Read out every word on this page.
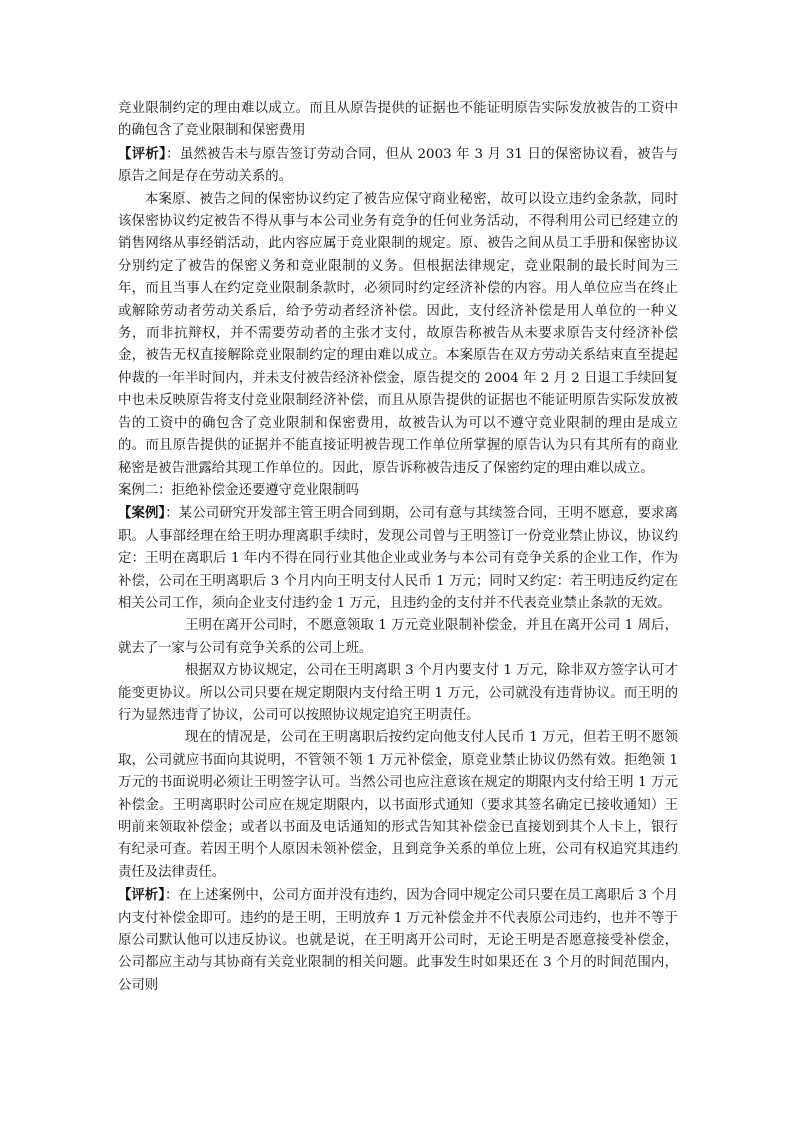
竞业限制约定的理由难以成立。而且从原告提供的证据也不能证明原告实际发放被告的工资中的确包含了竞业限制和保密费用

【评析】：虽然被告未与原告签订劳动合同，但从 2003 年 3 月 31 日的保密协议看，被告与原告之间是存在劳动关系的。

本案原、被告之间的保密协议约定了被告应保守商业秘密，故可以设立违约金条款，同时该保密协议约定被告不得从事与本公司业务有竞争的任何业务活动，不得利用公司已经建立的销售网络从事经销活动，此内容应属于竞业限制的规定。原、被告之间从员工手册和保密协议分别约定了被告的保密义务和竞业限制的义务。但根据法律规定，竞业限制的最长时间为三年，而且当事人在约定竞业限制条款时，必须同时约定经济补偿的内容。用人单位应当在终止或解除劳动者劳动关系后，给予劳动者经济补偿。因此，支付经济补偿是用人单位的一种义务，而非抗辩权，并不需要劳动者的主张才支付，故原告称被告从未要求原告支付经济补偿金，被告无权直接解除竞业限制约定的理由难以成立。本案原告在双方劳动关系结束直至提起仲裁的一年半时间内，并未支付被告经济补偿金，原告提交的 2004 年 2 月 2 日退工手续回复中也未反映原告将支付竞业限制经济补偿，而且从原告提供的证据也不能证明原告实际发放被告的工资中的确包含了竞业限制和保密费用，故被告认为可以不遵守竞业限制的理由是成立的。而且原告提供的证据并不能直接证明被告现工作单位所掌握的原告认为只有其所有的商业秘密是被告泄露给其现工作单位的。因此，原告诉称被告违反了保密约定的理由难以成立。

案例二：拒绝补偿金还要遵守竞业限制吗

【案例】：某公司研究开发部主管王明合同到期，公司有意与其续签合同，王明不愿意，要求离职。人事部经理在给王明办理离职手续时，发现公司曾与王明签订一份竞业禁止协议，协议约定：王明在离职后 1 年内不得在同行业其他企业或业务与本公司有竞争关系的企业工作，作为补偿，公司在王明离职后 3 个月内向王明支付人民币 1 万元；同时又约定：若王明违反约定在相关公司工作，须向企业支付违约金 1 万元，且违约金的支付并不代表竞业禁止条款的无效。

王明在离开公司时，不愿意领取 1 万元竞业限制补偿金，并且在离开公司 1 周后，就去了一家与公司有竞争关系的公司上班。

根据双方协议规定，公司在王明离职 3 个月内要支付 1 万元，除非双方签字认可才能变更协议。所以公司只要在规定期限内支付给王明 1 万元，公司就没有违背协议。而王明的行为显然违背了协议，公司可以按照协议规定追究王明责任。

现在的情况是，公司在王明离职后按约定向他支付人民币 1 万元，但若王明不愿领取，公司就应书面向其说明，不管领不领 1 万元补偿金，原竞业禁止协议仍然有效。拒绝领 1 万元的书面说明必须让王明签字认可。当然公司也应注意该在规定的期限内支付给王明 1 万元补偿金。王明离职时公司应在规定期限内，以书面形式通知（要求其签名确定已接收通知）王明前来领取补偿金；或者以书面及电话通知的形式告知其补偿金已直接划到其个人卡上，银行有纪录可查。若因王明个人原因未领补偿金，且到竞争关系的单位上班，公司有权追究其违约责任及法律责任。

【评析】：在上述案例中，公司方面并没有违约，因为合同中规定公司只要在员工离职后 3 个月内支付补偿金即可。违约的是王明，王明放弃 1 万元补偿金并不代表原公司违约，也并不等于原公司默认他可以违反协议。也就是说，在王明离开公司时，无论王明是否愿意接受补偿金，公司都应主动与其协商有关竞业限制的相关问题。此事发生时如果还在 3 个月的时间范围内，公司则
